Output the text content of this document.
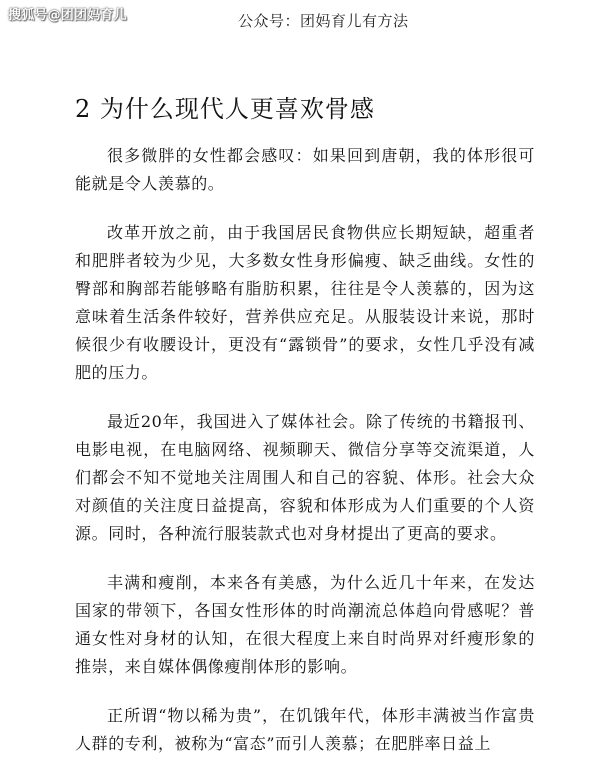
搜狐号@团团妈育儿	公众号：团妈育儿有方法
2 为什么现代人更喜欢骨感

很多微胖的女性都会感叹：如果回到唐朝，我的体形很可能就是令人羡慕的。

改革开放之前，由于我国居民食物供应长期短缺，超重者和肥胖者较为少见，大多数女性身形偏瘦、缺乏曲线。女性的臀部和胸部若能够略有脂肪积累，往往是令人羡慕的，因为这意味着生活条件较好，营养供应充足。从服装设计来说，那时候很少有收腰设计，更没有“露锁骨”的要求，女性几乎没有减肥的压力。

最近20年，我国进入了媒体社会。除了传统的书籍报刊、电影电视，在电脑网络、视频聊天、微信分享等交流渠道，人们都会不知不觉地关注周围人和自己的容貌、体形。社会大众对颜值的关注度日益提高，容貌和体形成为人们重要的个人资源。同时，各种流行服装款式也对身材提出了更高的要求。

丰满和瘦削，本来各有美感，为什么近几十年来，在发达国家的带领下，各国女性形体的时尚潮流总体趋向骨感呢？普通女性对身材的认知，在很大程度上来自时尚界对纤瘦形象的推崇，来自媒体偶像瘦削体形的影响。

正所谓“物以稀为贵”，在饥饿年代，体形丰满被当作富贵人群的专利，被称为“富态”而引人羡慕；在肥胖率日益上
